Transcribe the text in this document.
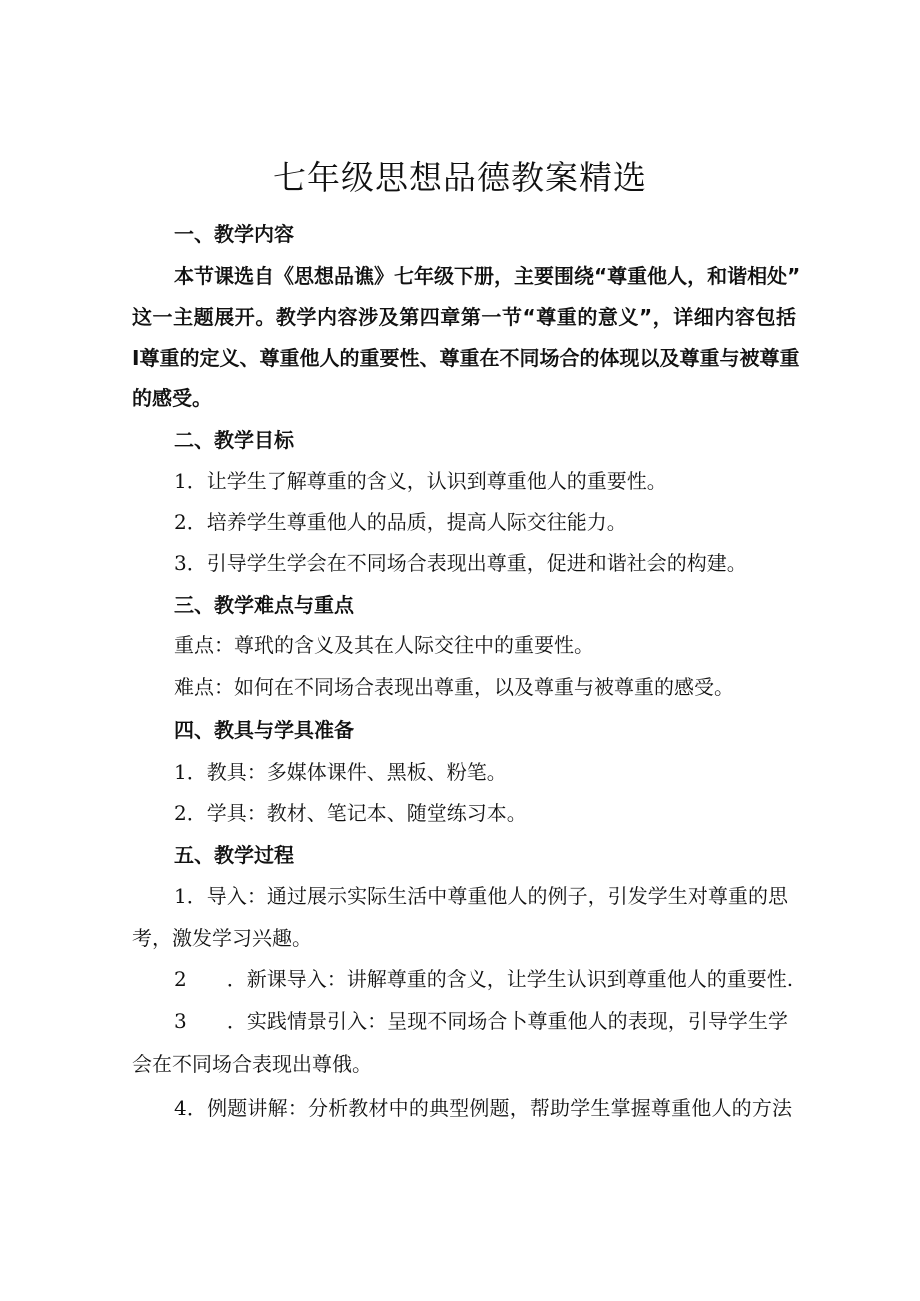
七年级思想品德教案精选
一、教学内容
本节课选自《思想品谯》七年级下册，主要围绕“尊重他人，和谐相处”
这一主题展开。教学内容涉及第四章第一节“尊重的意义”，详细内容包括
I尊重的定义、尊重他人的重要性、尊重在不同场合的体现以及尊重与被尊重
的感受。
二、教学目标
1．让学生了解尊重的含义，认识到尊重他人的重要性。
2．培养学生尊重他人的品质，提高人际交往能力。
3．引导学生学会在不同场合表现出尊重，促进和谐社会的构建。
三、教学难点与重点
重点：尊玳的含义及其在人际交往中的重要性。
难点：如何在不同场合表现出尊重，以及尊重与被尊重的感受。
四、教具与学具准备
1．教具：多媒体课件、黑板、粉笔。
2．学具：教材、笔记本、随堂练习本。
五、教学过程
1．导入：通过展示实际生活中尊重他人的例子，引发学生对尊重的思
考，激发学习兴趣。
2　　．新课导入：讲解尊重的含义，让学生认识到尊重他人的重要性.
3　　．实践情景引入：呈现不同场合卜尊重他人的表现，引导学生学
会在不同场合表现出尊俄。
4．例题讲解：分析教材中的典型例题，帮助学生掌握尊重他人的方法
